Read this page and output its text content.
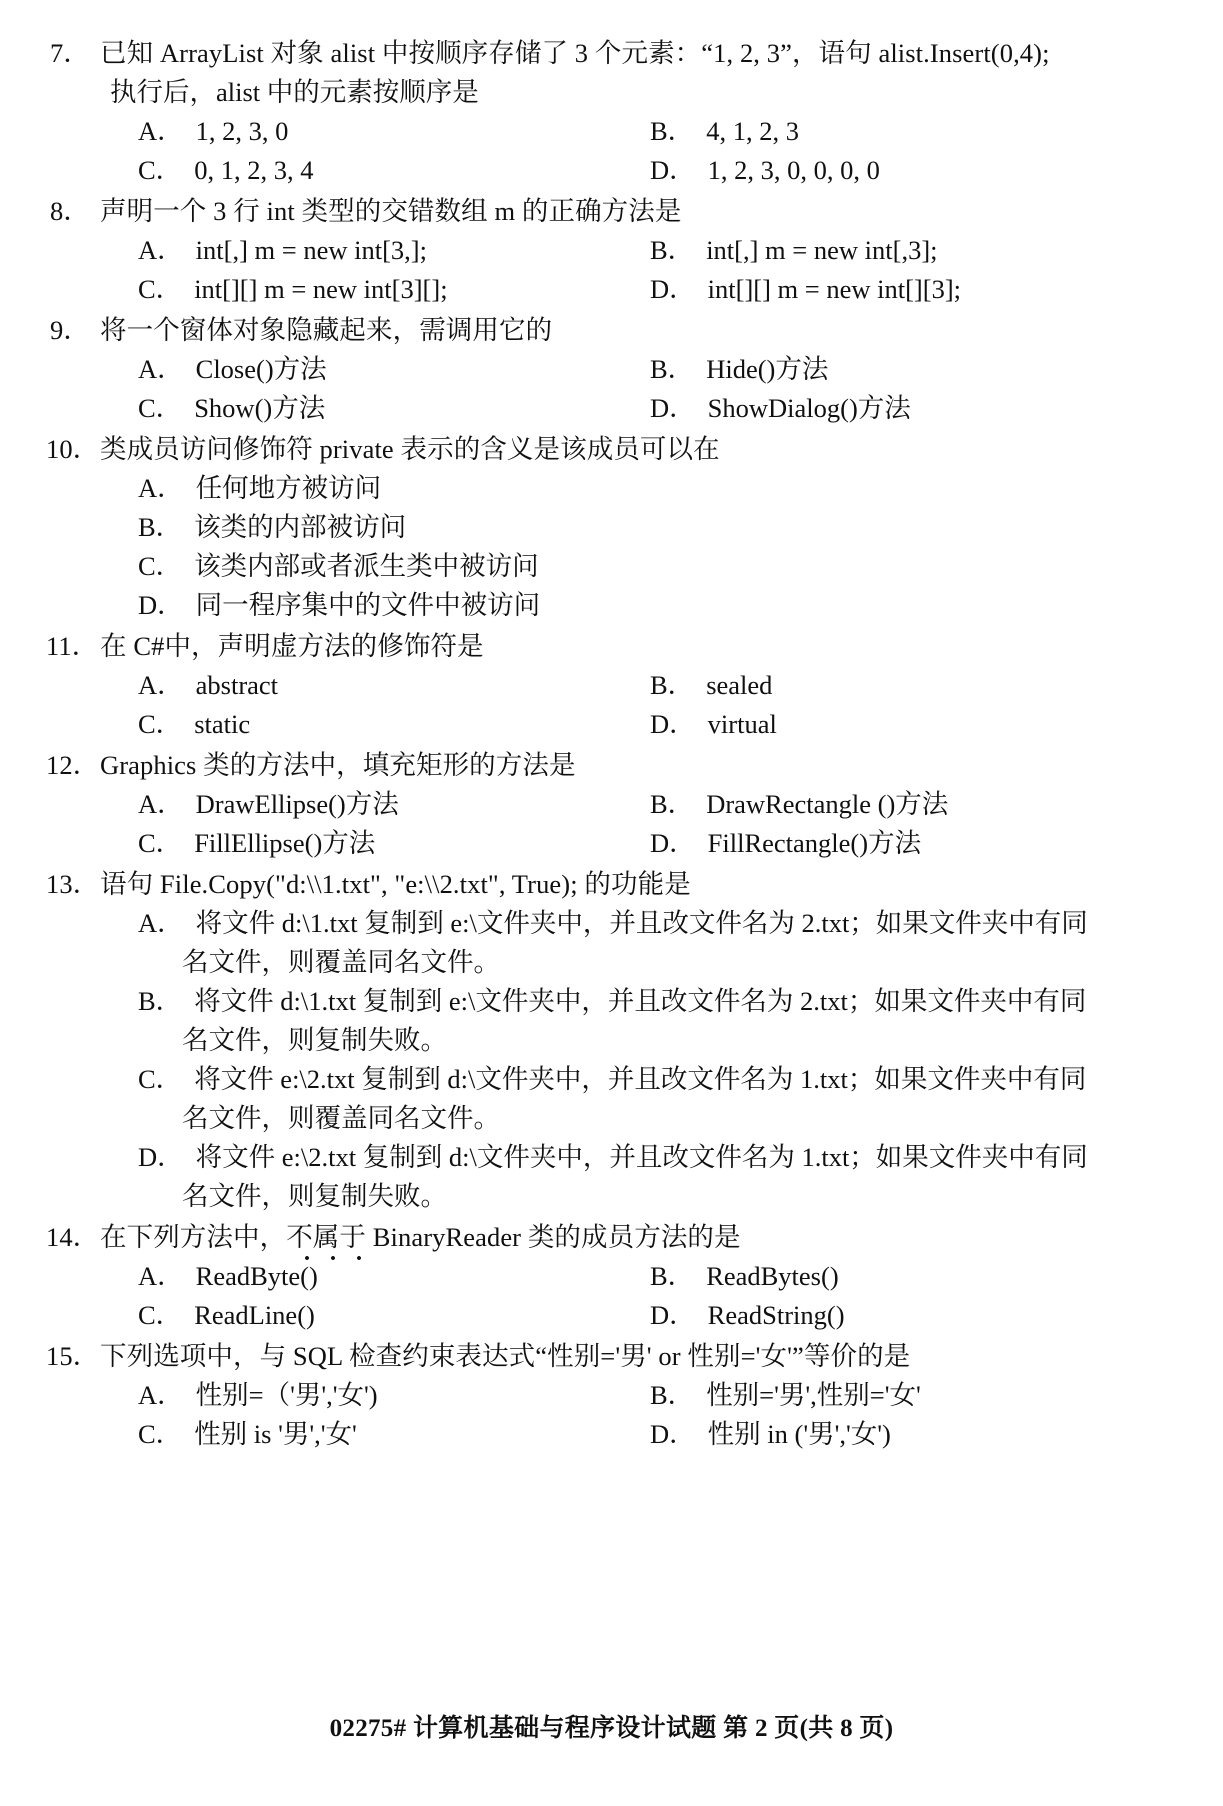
7． 已知 ArrayList 对象 alist 中按顺序存储了 3 个元素：“1, 2, 3”，语句 alist.Insert(0,4);
执行后，alist 中的元素按顺序是
A． 1, 2, 3, 0	B． 4, 1, 2, 3
C． 0, 1, 2, 3, 4	D． 1, 2, 3, 0, 0, 0, 0
8． 声明一个 3 行 int 类型的交错数组 m 的正确方法是
A． int[,] m = new int[3,];	B． int[,] m = new int[,3];
C． int[][] m = new int[3][];	D． int[][] m = new int[][3];
9． 将一个窗体对象隐藏起来，需调用它的
A． Close()方法	B． Hide()方法
C． Show()方法	D． ShowDialog()方法
10． 类成员访问修饰符 private 表示的含义是该成员可以在
A． 任何地方被访问
B． 该类的内部被访问
C． 该类内部或者派生类中被访问
D． 同一程序集中的文件中被访问
11． 在 C#中，声明虚方法的修饰符是
A． abstract	B． sealed
C． static	D． virtual
12． Graphics 类的方法中，填充矩形的方法是
A． DrawEllipse()方法	B． DrawRectangle ()方法
C． FillEllipse()方法	D． FillRectangle()方法
13． 语句 File.Copy("d:\\1.txt", "e:\\2.txt", True); 的功能是
A． 将文件 d:\1.txt 复制到 e:\文件夹中，并且改文件名为 2.txt；如果文件夹中有同
名文件，则覆盖同名文件。
B． 将文件 d:\1.txt 复制到 e:\文件夹中，并且改文件名为 2.txt；如果文件夹中有同
名文件，则复制失败。
C． 将文件 e:\2.txt 复制到 d:\文件夹中，并且改文件名为 1.txt；如果文件夹中有同
名文件，则覆盖同名文件。
D． 将文件 e:\2.txt 复制到 d:\文件夹中，并且改文件名为 1.txt；如果文件夹中有同
名文件，则复制失败。
14． 在下列方法中，不属于 BinaryReader 类的成员方法的是
A． ReadByte()	B． ReadBytes()
C． ReadLine()	D． ReadString()
15． 下列选项中，与 SQL 检查约束表达式“性别='男' or 性别='女'”等价的是
A． 性别=（'男','女')	B． 性别='男',性别='女'
C． 性别 is '男','女'	D． 性别 in ('男','女')
02275# 计算机基础与程序设计试题 第 2 页(共 8 页)
